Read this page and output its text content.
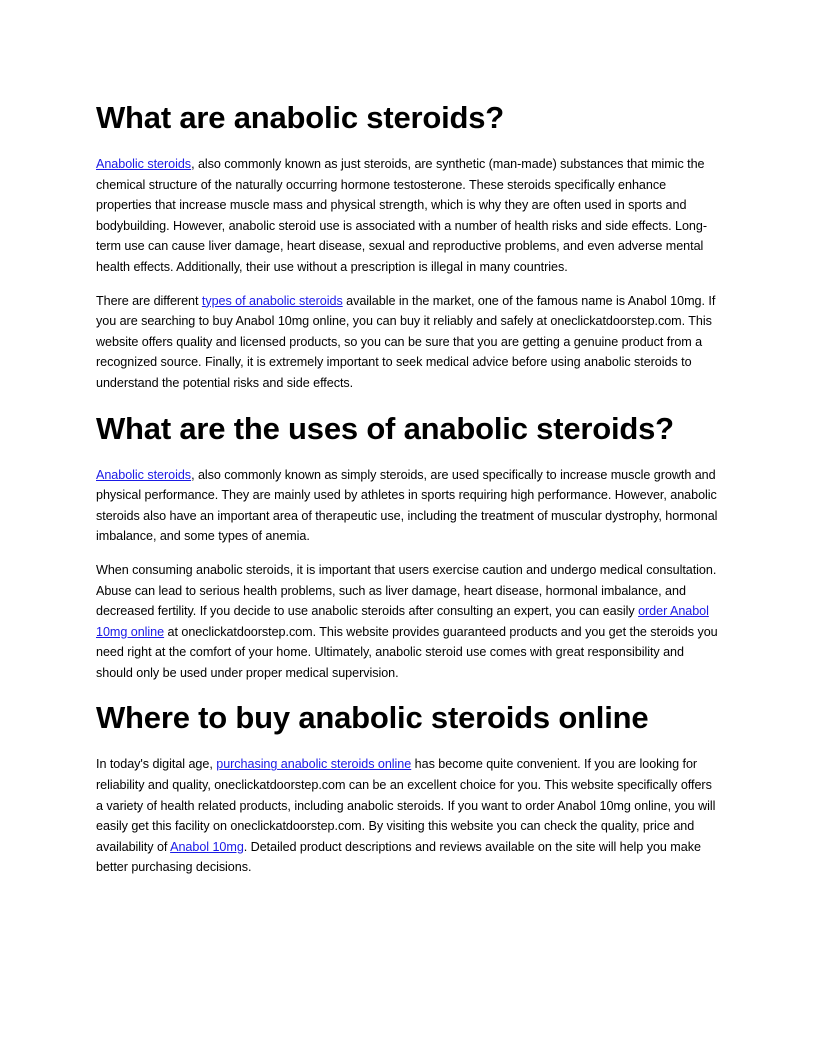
What are anabolic steroids?

Anabolic steroids, also commonly known as just steroids, are synthetic (man-made) substances that mimic the chemical structure of the naturally occurring hormone testosterone. These steroids specifically enhance properties that increase muscle mass and physical strength, which is why they are often used in sports and bodybuilding. However, anabolic steroid use is associated with a number of health risks and side effects. Long-term use can cause liver damage, heart disease, sexual and reproductive problems, and even adverse mental health effects. Additionally, their use without a prescription is illegal in many countries.

There are different types of anabolic steroids available in the market, one of the famous name is Anabol 10mg. If you are searching to buy Anabol 10mg online, you can buy it reliably and safely at oneclickatdoorstep.com. This website offers quality and licensed products, so you can be sure that you are getting a genuine product from a recognized source. Finally, it is extremely important to seek medical advice before using anabolic steroids to understand the potential risks and side effects.

What are the uses of anabolic steroids?

Anabolic steroids, also commonly known as simply steroids, are used specifically to increase muscle growth and physical performance. They are mainly used by athletes in sports requiring high performance. However, anabolic steroids also have an important area of therapeutic use, including the treatment of muscular dystrophy, hormonal imbalance, and some types of anemia.

When consuming anabolic steroids, it is important that users exercise caution and undergo medical consultation. Abuse can lead to serious health problems, such as liver damage, heart disease, hormonal imbalance, and decreased fertility. If you decide to use anabolic steroids after consulting an expert, you can easily order Anabol 10mg online at oneclickatdoorstep.com. This website provides guaranteed products and you get the steroids you need right at the comfort of your home. Ultimately, anabolic steroid use comes with great responsibility and should only be used under proper medical supervision.

Where to buy anabolic steroids online

In today's digital age, purchasing anabolic steroids online has become quite convenient. If you are looking for reliability and quality, oneclickatdoorstep.com can be an excellent choice for you. This website specifically offers a variety of health related products, including anabolic steroids. If you want to order Anabol 10mg online, you will easily get this facility on oneclickatdoorstep.com. By visiting this website you can check the quality, price and availability of Anabol 10mg. Detailed product descriptions and reviews available on the site will help you make better purchasing decisions.
